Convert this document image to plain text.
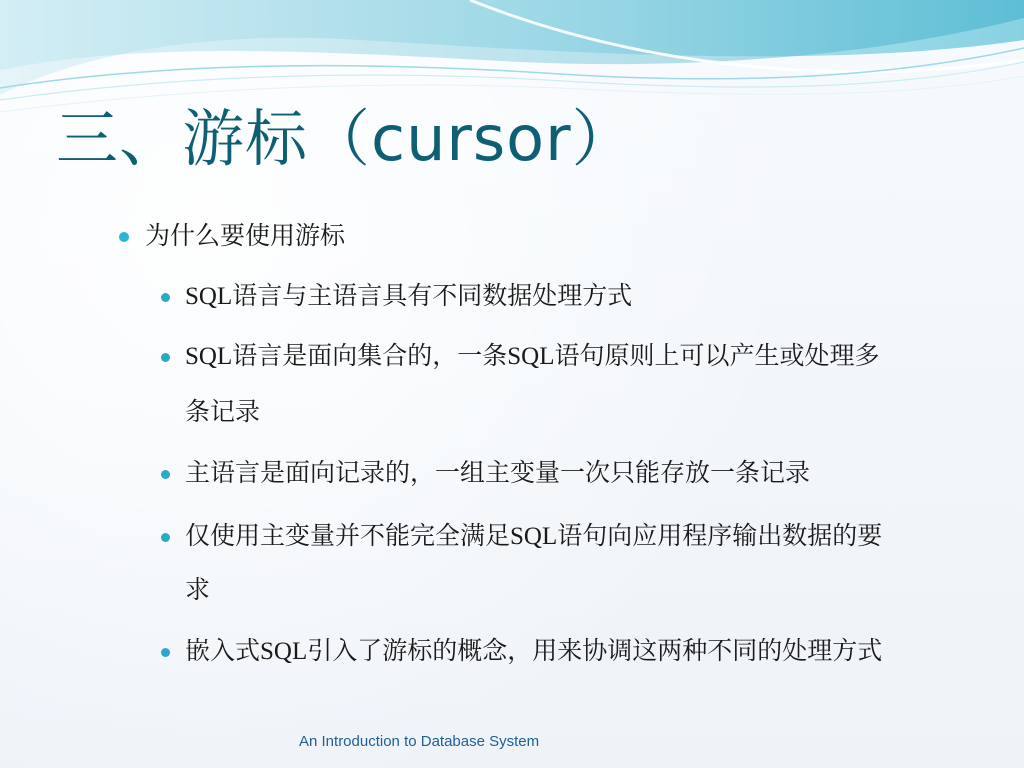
三、游标（cursor）
为什么要使用游标
SQL语言与主语言具有不同数据处理方式
SQL语言是面向集合的，一条SQL语句原则上可以产生或处理多
条记录
主语言是面向记录的，一组主变量一次只能存放一条记录
仅使用主变量并不能完全满足SQL语句向应用程序输出数据的要
求
嵌入式SQL引入了游标的概念，用来协调这两种不同的处理方式
An Introduction to Database System
